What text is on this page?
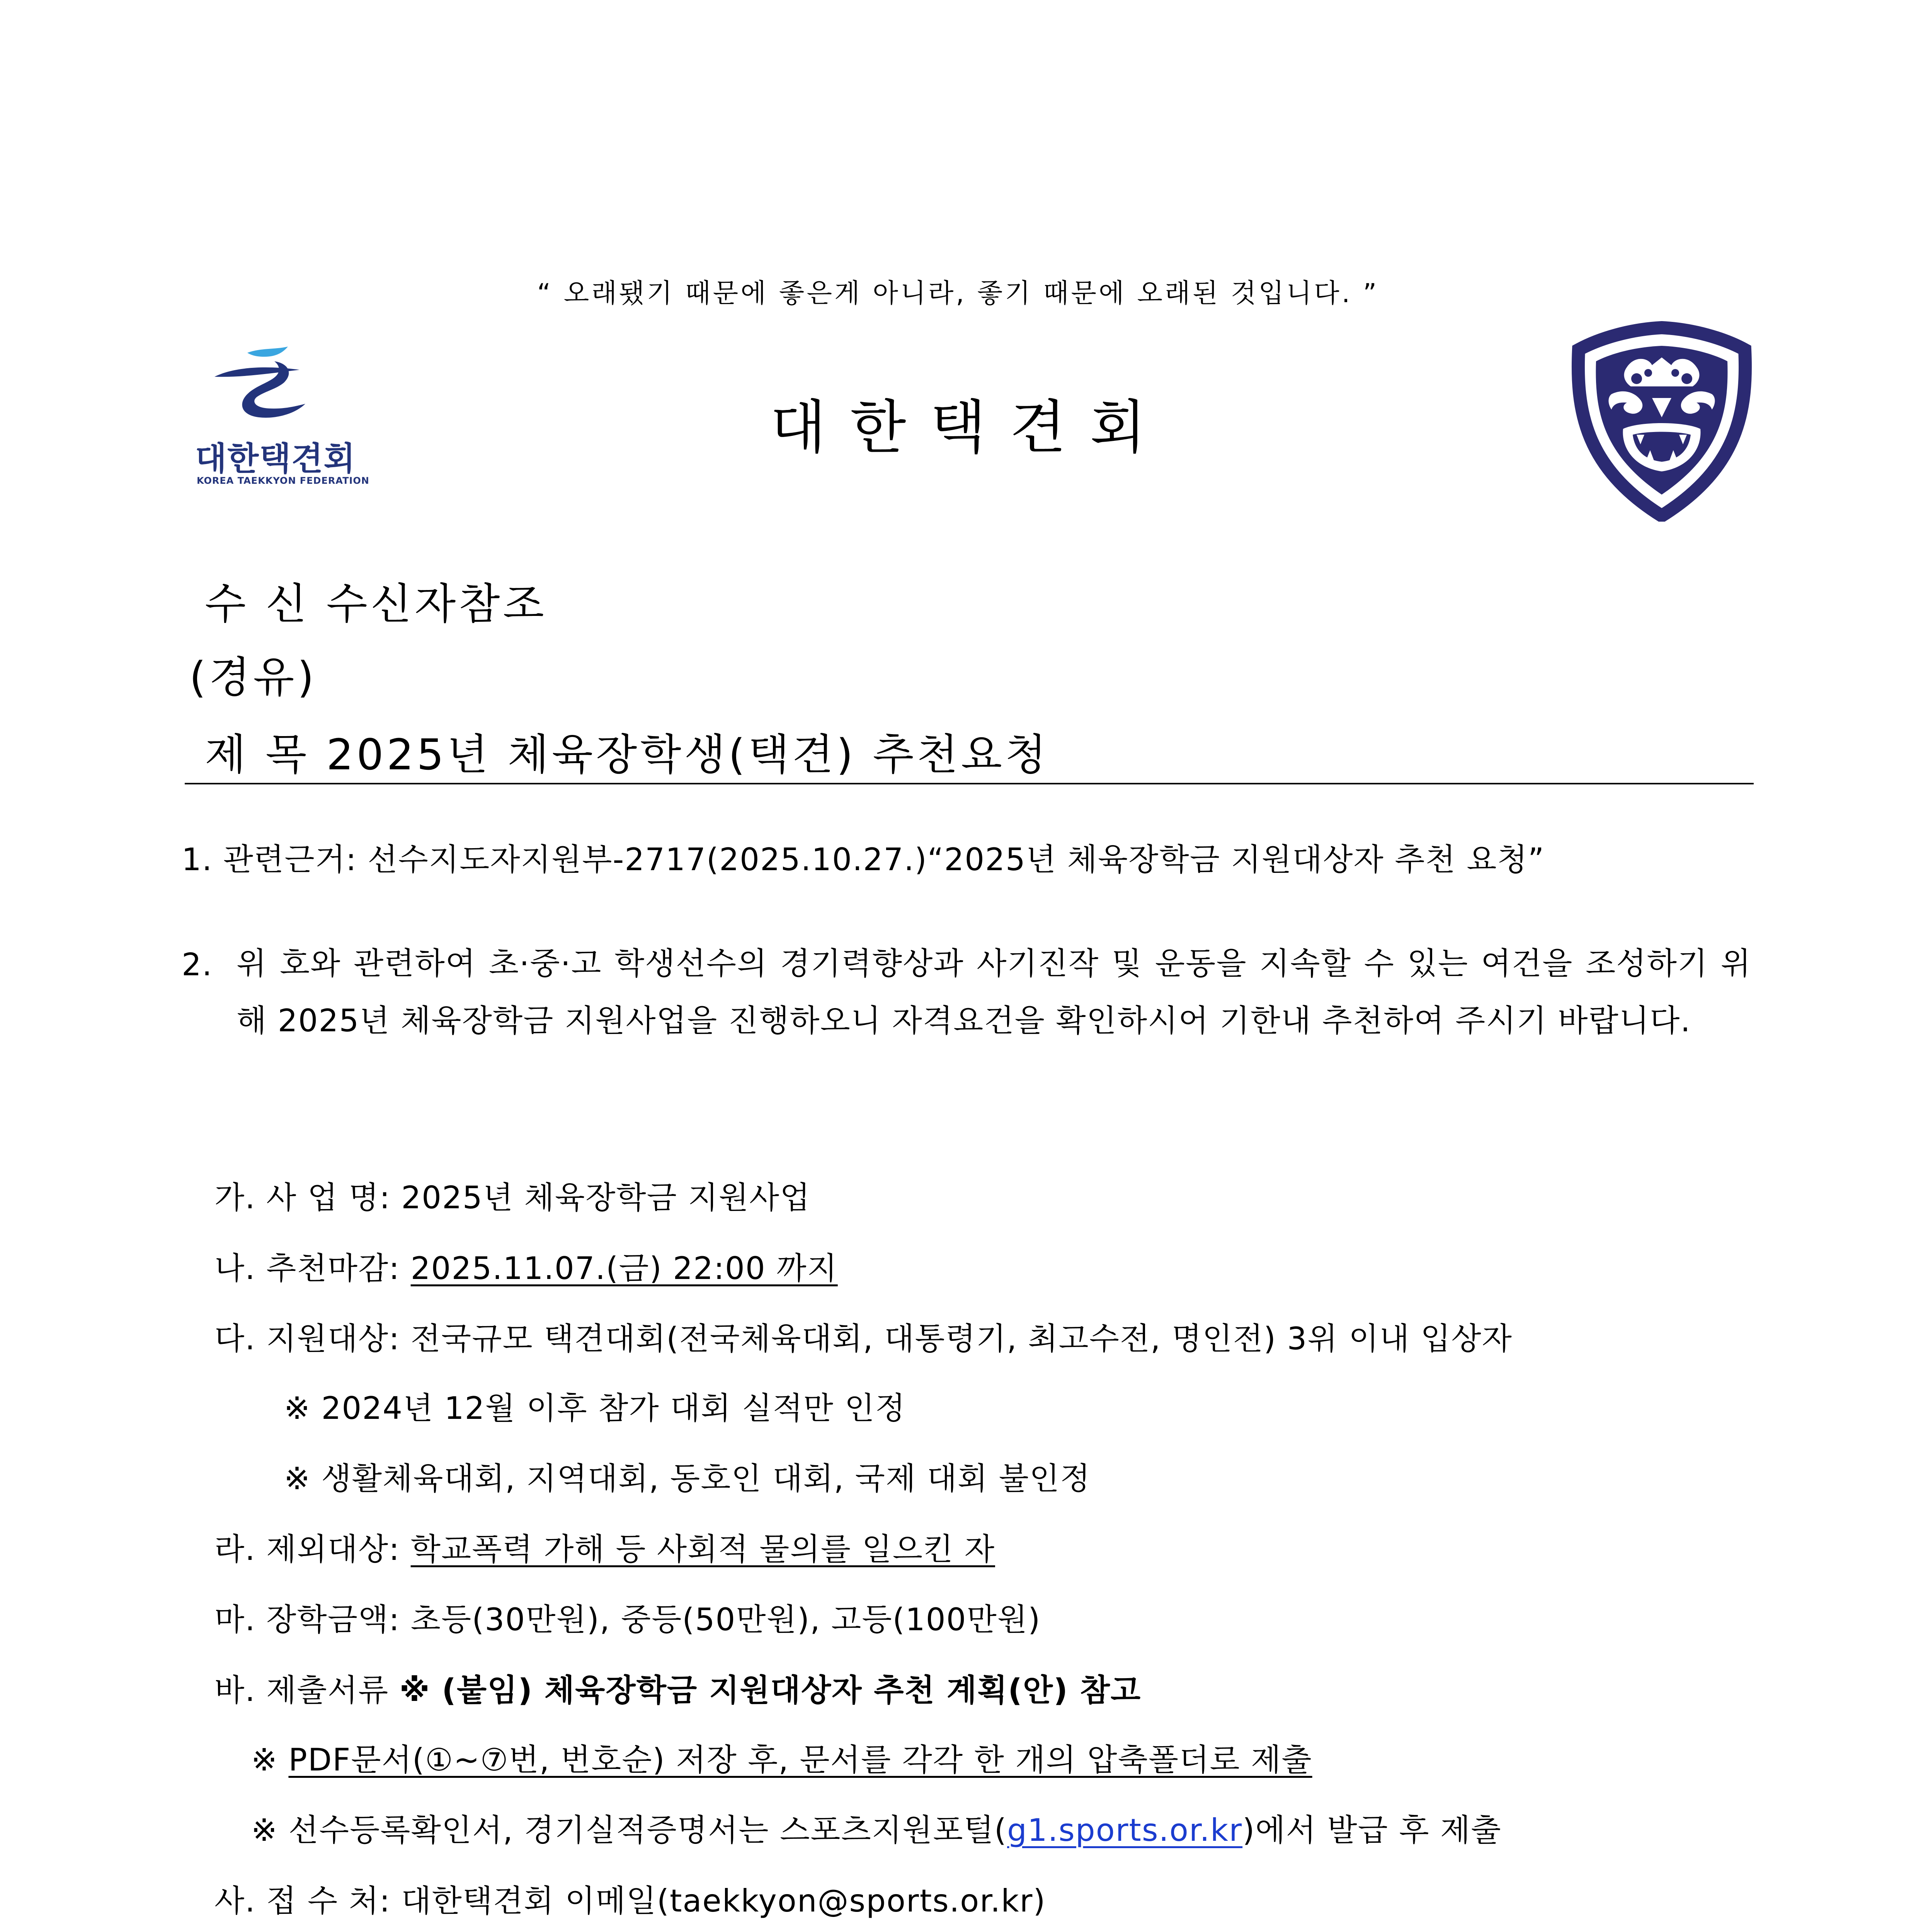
“ 오래됐기 때문에 좋은게 아니라, 좋기 때문에 오래된 것입니다. ”
대한택견회
KOREA TAEKKYON FEDERATION
대한택견회
수 신 수신자참조
(경유)
제 목 2025년 체육장학생(택견) 추천요청
1. 관련근거: 선수지도자지원부-2717(2025.10.27.)“2025년 체육장학금 지원대상자 추천 요청”
2. 위 호와 관련하여 초·중·고 학생선수의 경기력향상과 사기진작 및 운동을 지속할 수 있는 여건을 조성하기 위해 2025년 체육장학금 지원사업을 진행하오니 자격요건을 확인하시어 기한내 추천하여 주시기 바랍니다.
가. 사 업 명: 2025년 체육장학금 지원사업
나. 추천마감: 2025.11.07.(금) 22:00 까지
다. 지원대상: 전국규모 택견대회(전국체육대회, 대통령기, 최고수전, 명인전) 3위 이내 입상자
※ 2024년 12월 이후 참가 대회 실적만 인정
※ 생활체육대회, 지역대회, 동호인 대회, 국제 대회 불인정
라. 제외대상: 학교폭력 가해 등 사회적 물의를 일으킨 자
마. 장학금액: 초등(30만원), 중등(50만원), 고등(100만원)
바. 제출서류 ※ (붙임) 체육장학금 지원대상자 추천 계획(안) 참고
※ PDF문서(①~⑦번, 번호순) 저장 후, 문서를 각각 한 개의 압축폴더로 제출
※ 선수등록확인서, 경기실적증명서는 스포츠지원포털(g1.sports.or.kr)에서 발급 후 제출
사. 접 수 처: 대한택견회 이메일(taekkyon@sports.or.kr)
